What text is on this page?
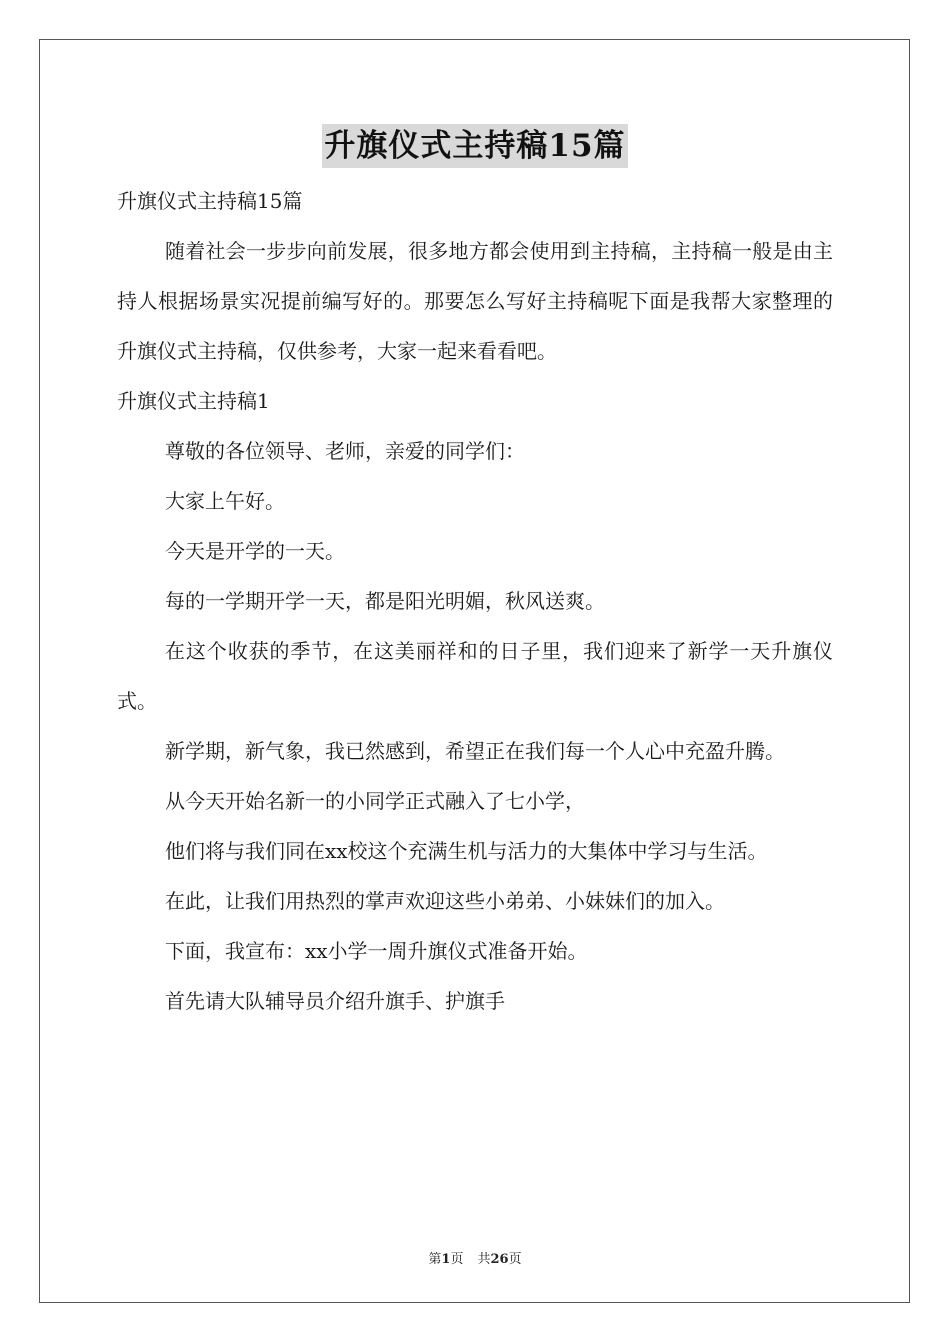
升旗仪式主持稿15篇

升旗仪式主持稿15篇

随着社会一步步向前发展，很多地方都会使用到主持稿，主持稿一般是由主持人根据场景实况提前编写好的。那要怎么写好主持稿呢下面是我帮大家整理的升旗仪式主持稿，仅供参考，大家一起来看看吧。

升旗仪式主持稿1

尊敬的各位领导、老师，亲爱的同学们：

大家上午好。

今天是开学的一天。

每的一学期开学一天，都是阳光明媚，秋风送爽。

在这个收获的季节，在这美丽祥和的日子里，我们迎来了新学一天升旗仪式。

新学期，新气象，我已然感到，希望正在我们每一个人心中充盈升腾。

从今天开始名新一的小同学正式融入了七小学，

他们将与我们同在xx校这个充满生机与活力的大集体中学习与生活。

在此，让我们用热烈的掌声欢迎这些小弟弟、小妹妹们的加入。

下面，我宣布：xx小学一周升旗仪式准备开始。

首先请大队辅导员介绍升旗手、护旗手

第1页 共26页
